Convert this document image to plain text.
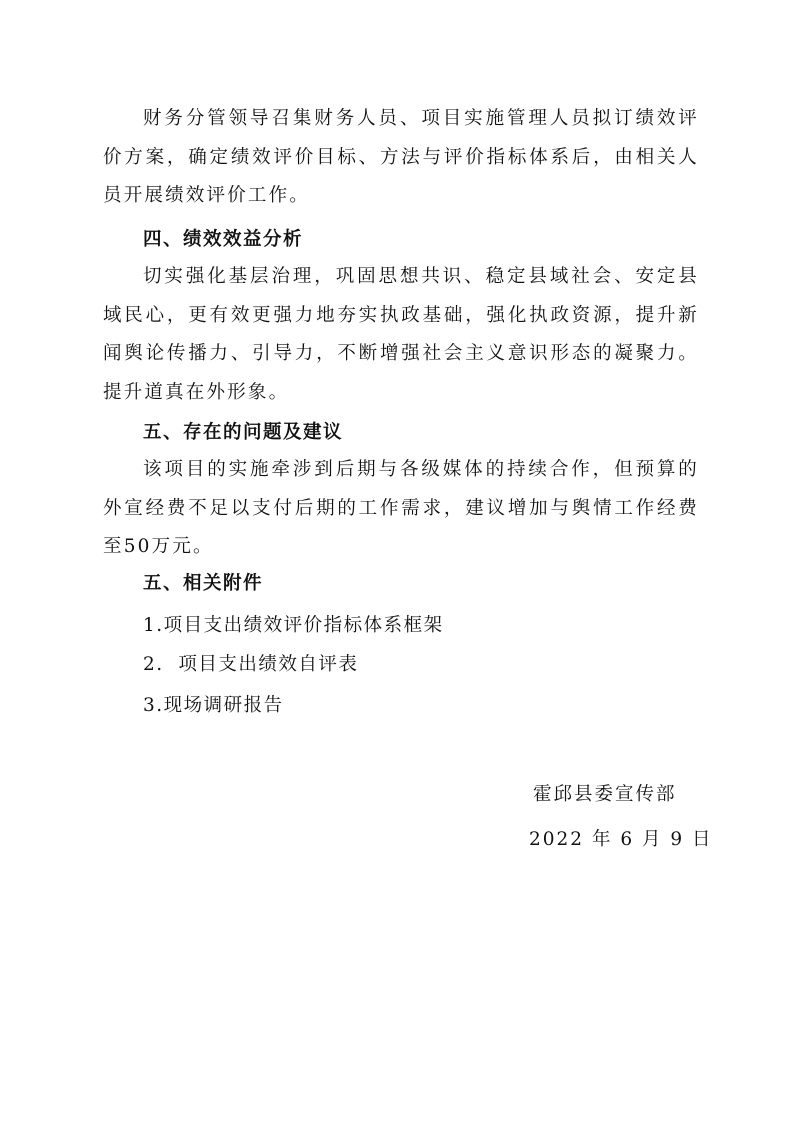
财务分管领导召集财务人员、项目实施管理人员拟订绩效评价方案，确定绩效评价目标、方法与评价指标体系后，由相关人员开展绩效评价工作。

四、绩效效益分析

切实强化基层治理，巩固思想共识、稳定县域社会、安定县域民心，更有效更强力地夯实执政基础，强化执政资源，提升新闻舆论传播力、引导力，不断增强社会主义意识形态的凝聚力。提升道真在外形象。

五、存在的问题及建议

该项目的实施牵涉到后期与各级媒体的持续合作，但预算的外宣经费不足以支付后期的工作需求，建议增加与舆情工作经费至50万元。

五、相关附件

1.项目支出绩效评价指标体系框架

2.  项目支出绩效自评表

3.现场调研报告

霍邱县委宣传部

2022 年 6 月 9 日
